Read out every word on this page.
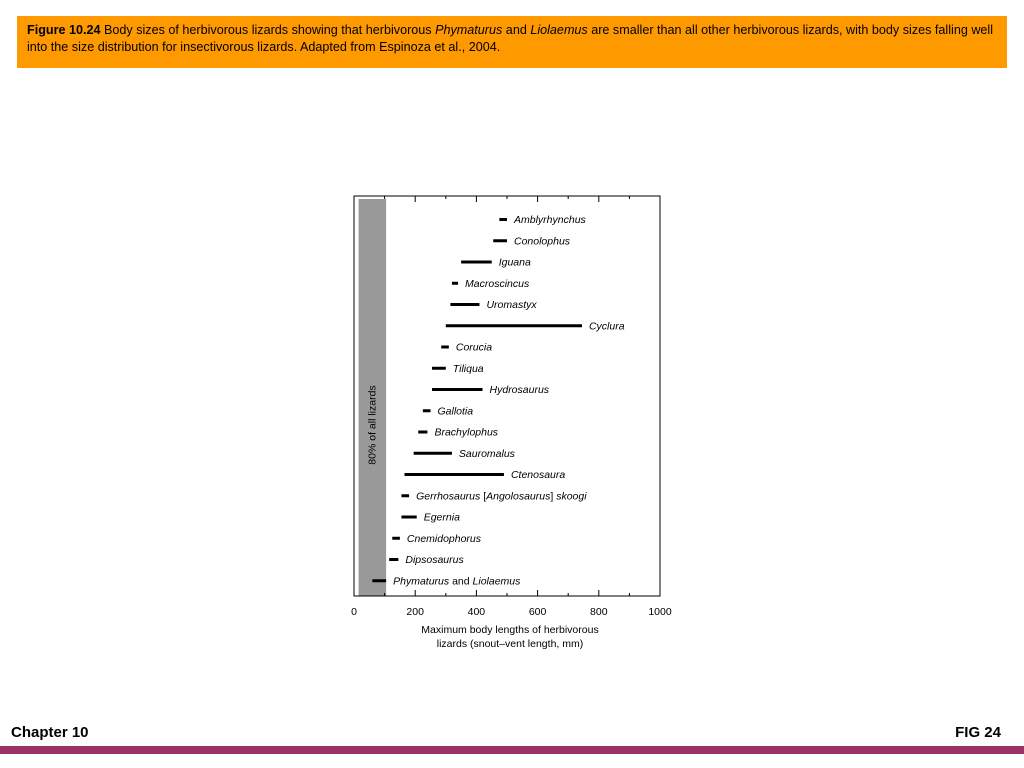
Figure 10.24 Body sizes of herbivorous lizards showing that herbivorous Phymaturus and Liolaemus are smaller than all other herbivorous lizards, with body sizes falling well into the size distribution for insectivorous lizards. Adapted from Espinoza et al., 2004.
80% of all lizards
0	200	400	600	800	1000
Amblyrhynchus
Conolophus
Iguana
Macroscincus
Uromastyx
Cyclura
Corucia
Tiliqua
Hydrosaurus
Gallotia
Brachylophus
Sauromalus
Ctenosaura
Gerrhosaurus [Angolosaurus] skoogi
Egernia
Cnemidophorus
Dipsosaurus
Phymaturus and Liolaemus
Maximum body lengths of herbivorous
lizards (snout–vent length, mm)
Chapter 10	FIG 24
